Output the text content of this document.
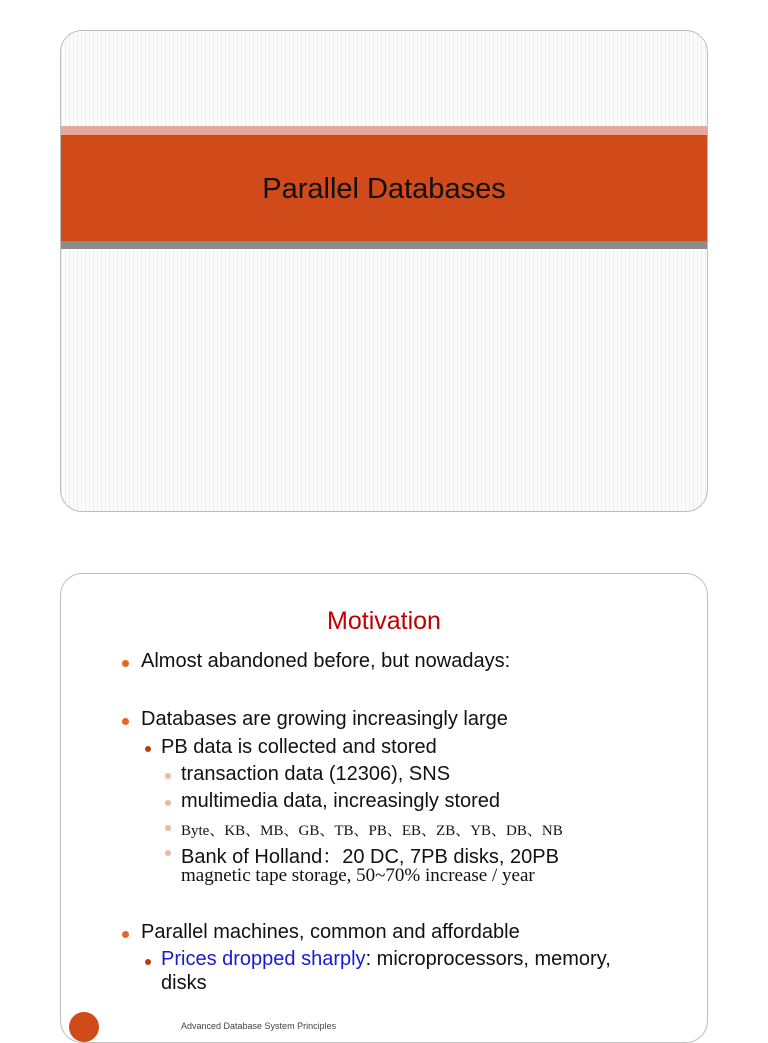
Parallel Databases
Motivation
Almost abandoned before, but nowadays:
Databases are growing increasingly large
PB data is collected and stored
transaction data (12306), SNS
multimedia data, increasingly stored
Byte、KB、MB、GB、TB、PB、EB、ZB、YB、DB、NB
Bank of Holland：20 DC, 7PB disks, 20PB
magnetic tape storage, 50~70% increase / year
Parallel machines, common and affordable
Prices dropped sharply: microprocessors, memory,
disks
Advanced Database System Principles
